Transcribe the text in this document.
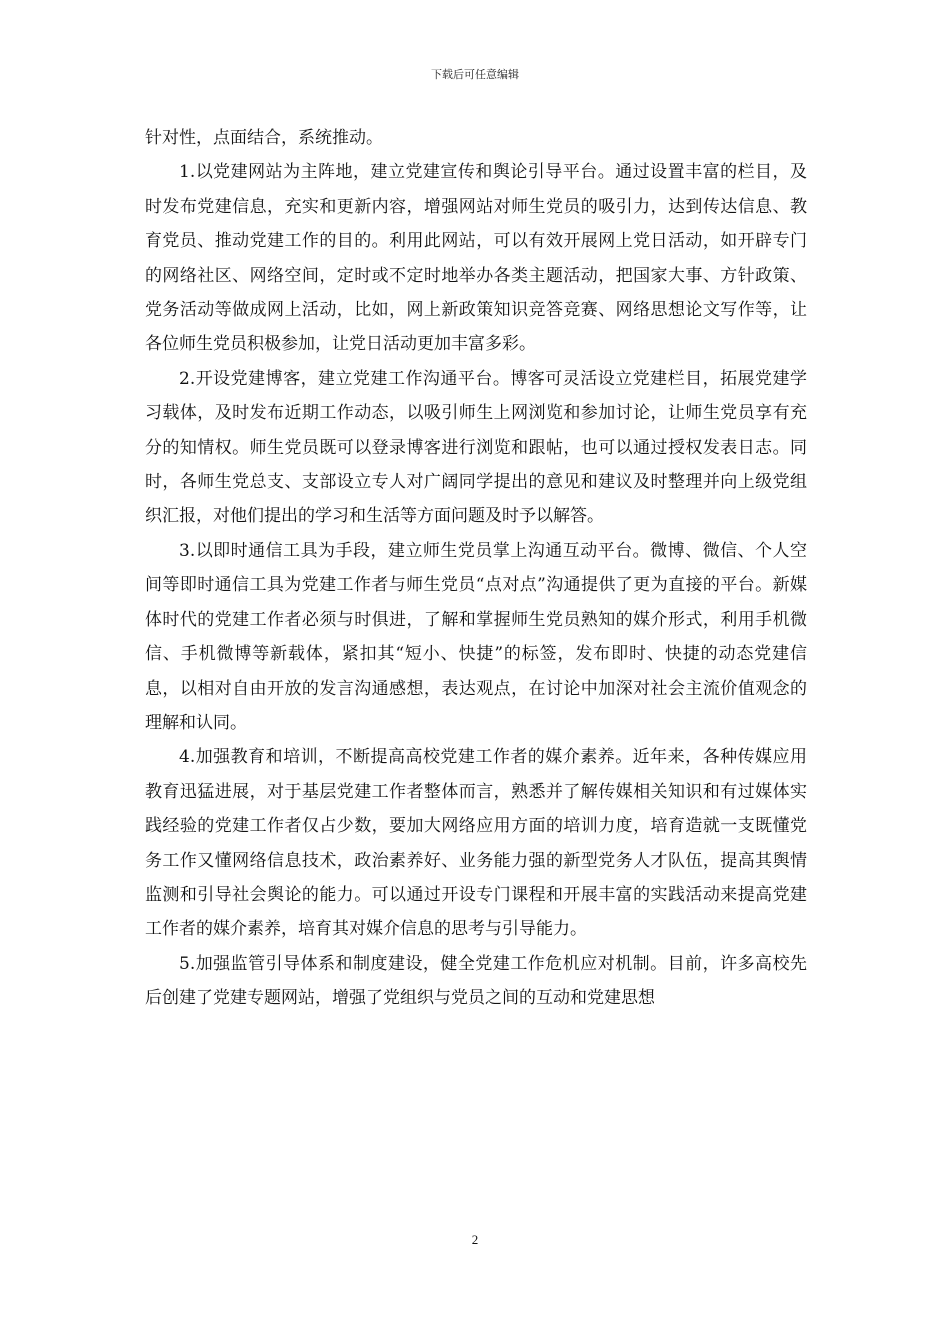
下载后可任意编辑

针对性，点面结合，系统推动。

1.以党建网站为主阵地，建立党建宣传和舆论引导平台。通过设置丰富的栏目，及时发布党建信息，充实和更新内容，增强网站对师生党员的吸引力，达到传达信息、教育党员、推动党建工作的目的。利用此网站，可以有效开展网上党日活动，如开辟专门的网络社区、网络空间，定时或不定时地举办各类主题活动，把国家大事、方针政策、党务活动等做成网上活动，比如，网上新政策知识竞答竞赛、网络思想论文写作等，让各位师生党员积极参加，让党日活动更加丰富多彩。

2.开设党建博客，建立党建工作沟通平台。博客可灵活设立党建栏目，拓展党建学习载体，及时发布近期工作动态，以吸引师生上网浏览和参加讨论，让师生党员享有充分的知情权。师生党员既可以登录博客进行浏览和跟帖，也可以通过授权发表日志。同时，各师生党总支、支部设立专人对广阔同学提出的意见和建议及时整理并向上级党组织汇报，对他们提出的学习和生活等方面问题及时予以解答。

3.以即时通信工具为手段，建立师生党员掌上沟通互动平台。微博、微信、个人空间等即时通信工具为党建工作者与师生党员“点对点”沟通提供了更为直接的平台。新媒体时代的党建工作者必须与时俱进，了解和掌握师生党员熟知的媒介形式，利用手机微信、手机微博等新载体，紧扣其“短小、快捷”的标签，发布即时、快捷的动态党建信息，以相对自由开放的发言沟通感想，表达观点，在讨论中加深对社会主流价值观念的理解和认同。

4.加强教育和培训，不断提高高校党建工作者的媒介素养。近年来，各种传媒应用教育迅猛进展，对于基层党建工作者整体而言，熟悉并了解传媒相关知识和有过媒体实践经验的党建工作者仅占少数，要加大网络应用方面的培训力度，培育造就一支既懂党务工作又懂网络信息技术，政治素养好、业务能力强的新型党务人才队伍，提高其舆情监测和引导社会舆论的能力。可以通过开设专门课程和开展丰富的实践活动来提高党建工作者的媒介素养，培育其对媒介信息的思考与引导能力。

5.加强监管引导体系和制度建设，健全党建工作危机应对机制。目前，许多高校先后创建了党建专题网站，增强了党组织与党员之间的互动和党建思想

2
